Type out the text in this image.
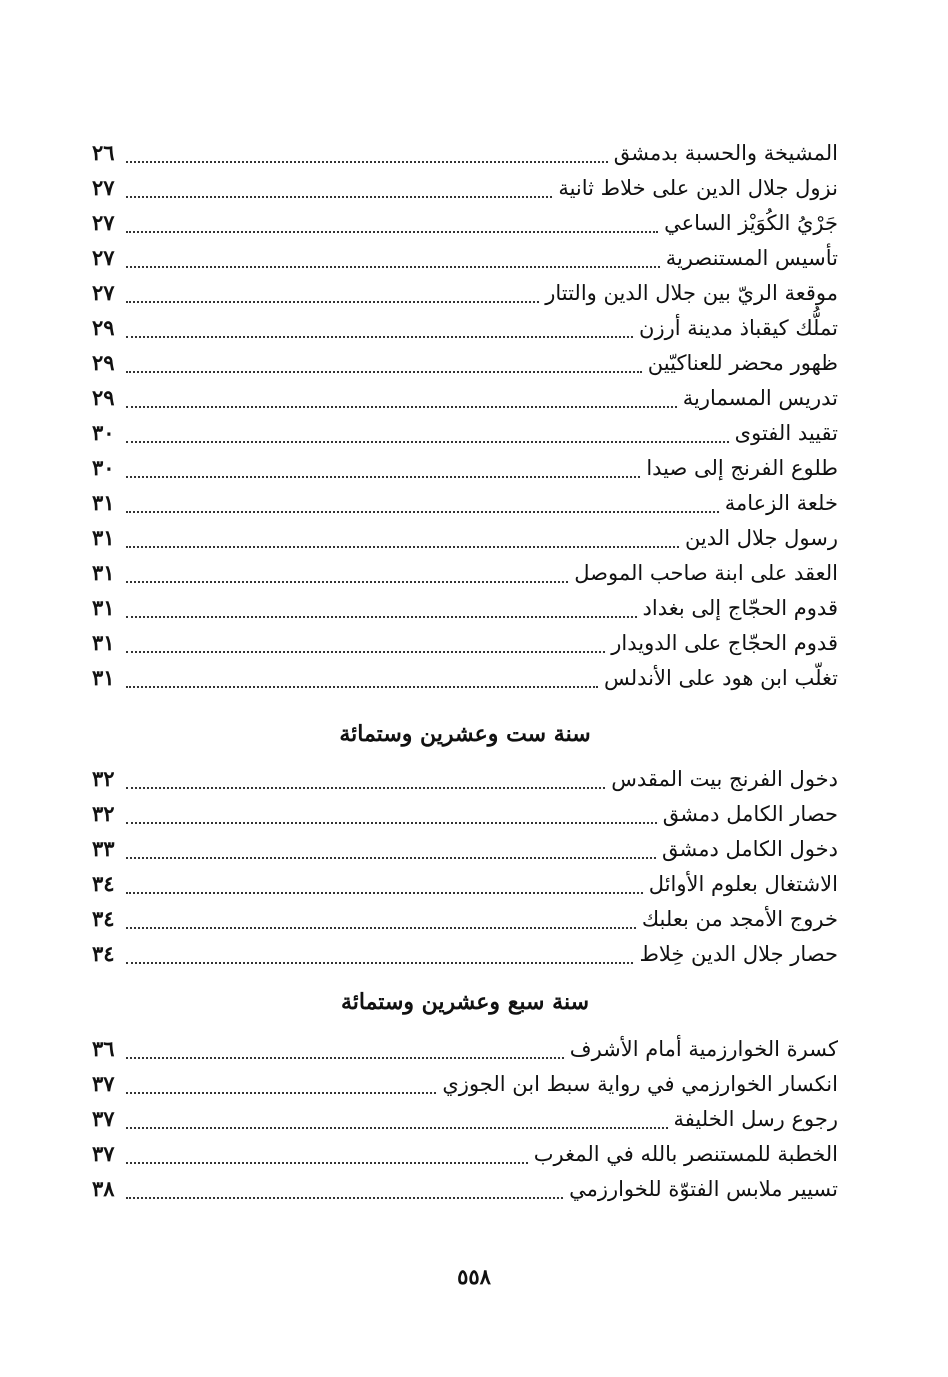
المشيخة والحسبة بدمشق
٢٦
نزول جلال الدين على خلاط ثانية
٢٧
جَرْيُ الكُوَيْز الساعي
٢٧
تأسيس المستنصرية
٢٧
موقعة الريّ بين جلال الدين والتتار
٢٧
تملُّك كيقباذ مدينة أرزن
٢٩
ظهور محضر للعناكيّين
٢٩
تدريس المسمارية
٢٩
تقييد الفتوى
٣٠
طلوع الفرنج إلى صيدا
٣٠
خلعة الزعامة
٣١
رسول جلال الدين
٣١
العقد على ابنة صاحب الموصل
٣١
قدوم الحجّاج إلى بغداد
٣١
قدوم الحجّاج على الدويدار
٣١
تغلّب ابن هود على الأندلس
٣١
سنة ست وعشرين وستمائة
دخول الفرنج بيت المقدس
٣٢
حصار الكامل دمشق
٣٢
دخول الكامل دمشق
٣٣
الاشتغال بعلوم الأوائل
٣٤
خروج الأمجد من بعلبك
٣٤
حصار جلال الدين خِلاط
٣٤
سنة سبع وعشرين وستمائة
كسرة الخوارزمية أمام الأشرف
٣٦
انكسار الخوارزمي في رواية سبط ابن الجوزي
٣٧
رجوع رسل الخليفة
٣٧
الخطبة للمستنصر بالله في المغرب
٣٧
تسيير ملابس الفتوّة للخوارزمي
٣٨
٥٥٨
